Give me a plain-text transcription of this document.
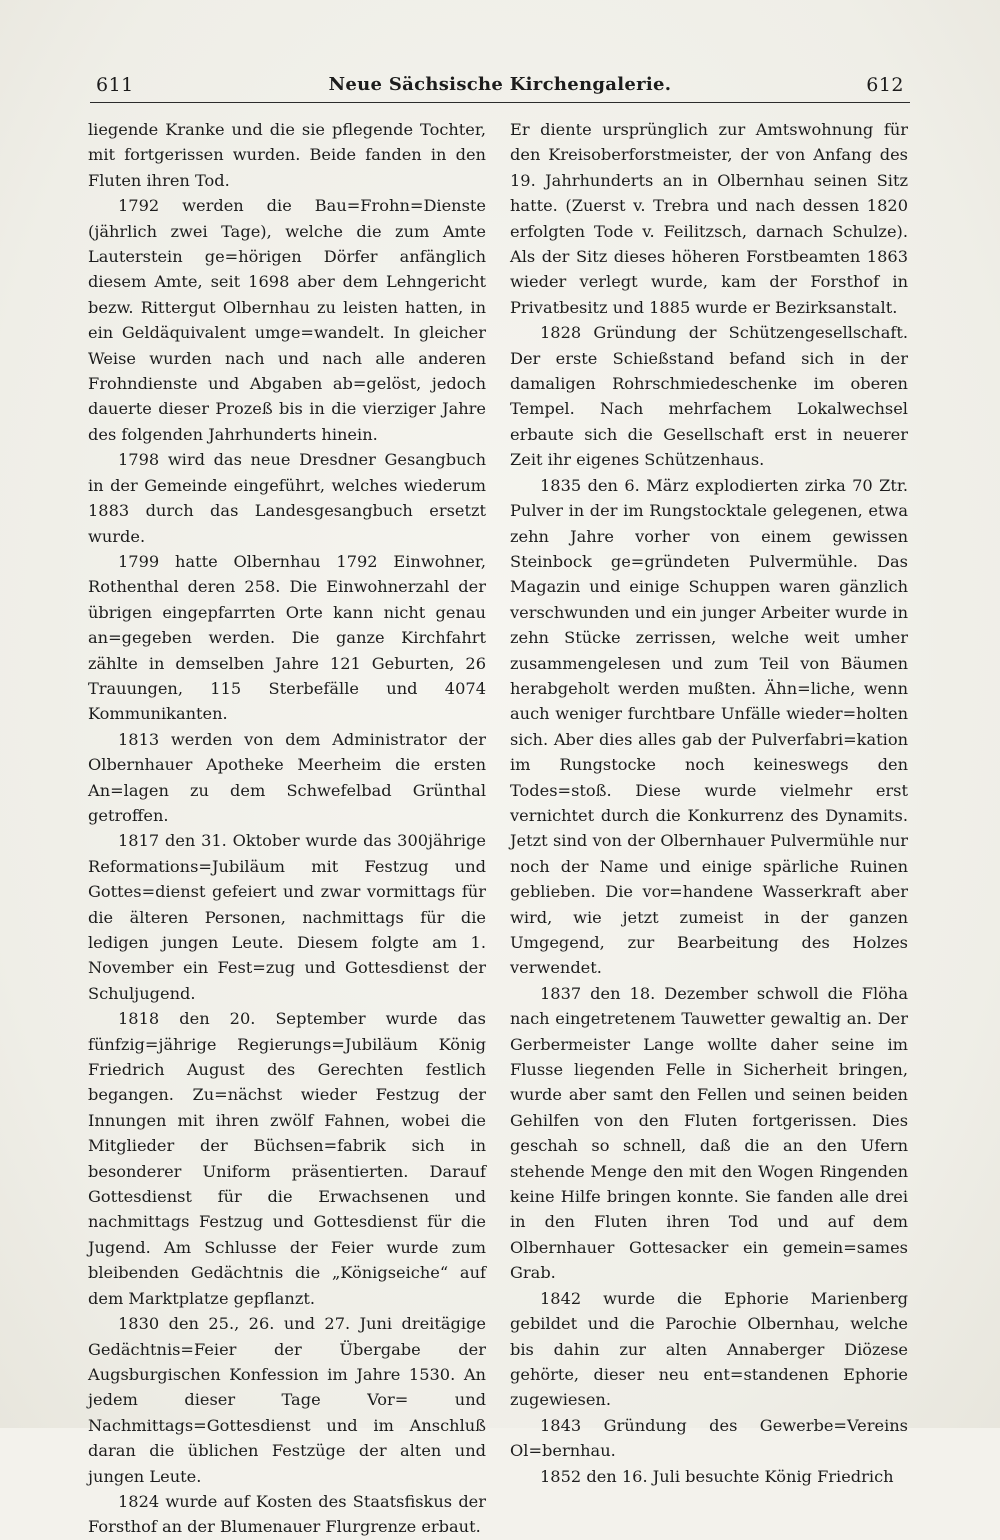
611	Neue Sächsische Kirchengalerie.	612

liegende Kranke und die sie pflegende Tochter, mit fortgerissen wurden. Beide fanden in den Fluten ihren Tod.

1792 werden die Bau=Frohn=Dienste (jährlich zwei Tage), welche die zum Amte Lauterstein ge=hörigen Dörfer anfänglich diesem Amte, seit 1698 aber dem Lehngericht bezw. Rittergut Olbernhau zu leisten hatten, in ein Geldäquivalent umge=wandelt. In gleicher Weise wurden nach und nach alle anderen Frohndienste und Abgaben ab=gelöst, jedoch dauerte dieser Prozeß bis in die vierziger Jahre des folgenden Jahrhunderts hinein.

1798 wird das neue Dresdner Gesangbuch in der Gemeinde eingeführt, welches wiederum 1883 durch das Landesgesangbuch ersetzt wurde.

1799 hatte Olbernhau 1792 Einwohner, Rothenthal deren 258. Die Einwohnerzahl der übrigen eingepfarrten Orte kann nicht genau an=gegeben werden. Die ganze Kirchfahrt zählte in demselben Jahre 121 Geburten, 26 Trauungen, 115 Sterbefälle und 4074 Kommunikanten.

1813 werden von dem Administrator der Olbernhauer Apotheke Meerheim die ersten An=lagen zu dem Schwefelbad Grünthal getroffen.

1817 den 31. Oktober wurde das 300jährige Reformations=Jubiläum mit Festzug und Gottes=dienst gefeiert und zwar vormittags für die älteren Personen, nachmittags für die ledigen jungen Leute. Diesem folgte am 1. November ein Fest=zug und Gottesdienst der Schuljugend.

1818 den 20. September wurde das fünfzig=jährige Regierungs=Jubiläum König Friedrich August des Gerechten festlich begangen. Zu=nächst wieder Festzug der Innungen mit ihren zwölf Fahnen, wobei die Mitglieder der Büchsen=fabrik sich in besonderer Uniform präsentierten. Darauf Gottesdienst für die Erwachsenen und nachmittags Festzug und Gottesdienst für die Jugend. Am Schlusse der Feier wurde zum bleibenden Gedächtnis die „Königseiche“ auf dem Marktplatze gepflanzt.

1830 den 25., 26. und 27. Juni dreitägige Gedächtnis=Feier der Übergabe der Augsburgischen Konfession im Jahre 1530. An jedem dieser Tage Vor= und Nachmittags=Gottesdienst und im Anschluß daran die üblichen Festzüge der alten und jungen Leute.

1824 wurde auf Kosten des Staatsfiskus der Forsthof an der Blumenauer Flurgrenze erbaut.

Er diente ursprünglich zur Amtswohnung für den Kreisoberforstmeister, der von Anfang des 19. Jahrhunderts an in Olbernhau seinen Sitz hatte. (Zuerst v. Trebra und nach dessen 1820 erfolgten Tode v. Feilitzsch, darnach Schulze). Als der Sitz dieses höheren Forstbeamten 1863 wieder verlegt wurde, kam der Forsthof in Privatbesitz und 1885 wurde er Bezirksanstalt.

1828 Gründung der Schützengesellschaft. Der erste Schießstand befand sich in der damaligen Rohrschmiedeschenke im oberen Tempel. Nach mehrfachem Lokalwechsel erbaute sich die Gesellschaft erst in neuerer Zeit ihr eigenes Schützenhaus.

1835 den 6. März explodierten zirka 70 Ztr. Pulver in der im Rungstocktale gelegenen, etwa zehn Jahre vorher von einem gewissen Steinbock ge=gründeten Pulvermühle. Das Magazin und einige Schuppen waren gänzlich verschwunden und ein junger Arbeiter wurde in zehn Stücke zerrissen, welche weit umher zusammengelesen und zum Teil von Bäumen herabgeholt werden mußten. Ähn=liche, wenn auch weniger furchtbare Unfälle wieder=holten sich. Aber dies alles gab der Pulverfabri=kation im Rungstocke noch keineswegs den Todes=stoß. Diese wurde vielmehr erst vernichtet durch die Konkurrenz des Dynamits. Jetzt sind von der Olbernhauer Pulvermühle nur noch der Name und einige spärliche Ruinen geblieben. Die vor=handene Wasserkraft aber wird, wie jetzt zumeist in der ganzen Umgegend, zur Bearbeitung des Holzes verwendet.

1837 den 18. Dezember schwoll die Flöha nach eingetretenem Tauwetter gewaltig an. Der Gerbermeister Lange wollte daher seine im Flusse liegenden Felle in Sicherheit bringen, wurde aber samt den Fellen und seinen beiden Gehilfen von den Fluten fortgerissen. Dies geschah so schnell, daß die an den Ufern stehende Menge den mit den Wogen Ringenden keine Hilfe bringen konnte. Sie fanden alle drei in den Fluten ihren Tod und auf dem Olbernhauer Gottesacker ein gemein=sames Grab.

1842 wurde die Ephorie Marienberg gebildet und die Parochie Olbernhau, welche bis dahin zur alten Annaberger Diözese gehörte, dieser neu ent=standenen Ephorie zugewiesen.

1843 Gründung des Gewerbe=Vereins Ol=bernhau.

1852 den 16. Juli besuchte König Friedrich
